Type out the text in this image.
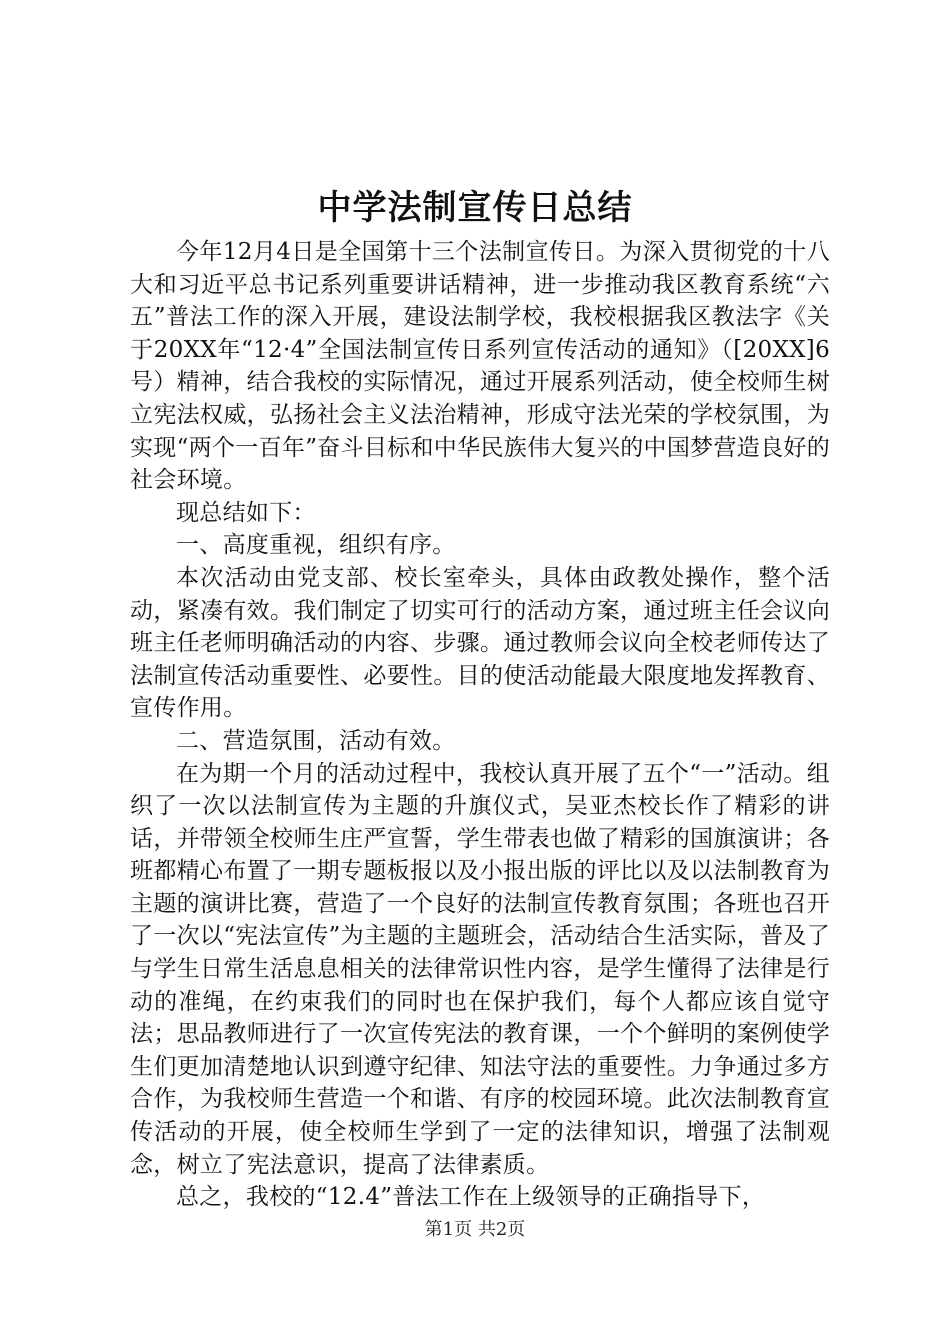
中学法制宣传日总结

今年12月4日是全国第十三个法制宣传日。为深入贯彻党的十八大和习近平总书记系列重要讲话精神，进一步推动我区教育系统“六五”普法工作的深入开展，建设法制学校，我校根据我区教法字《关于20XX年“12·4”全国法制宣传日系列宣传活动的通知》（[20XX]6号）精神，结合我校的实际情况，通过开展系列活动，使全校师生树立宪法权威，弘扬社会主义法治精神，形成守法光荣的学校氛围，为实现“两个一百年”奋斗目标和中华民族伟大复兴的中国梦营造良好的社会环境。

现总结如下：

一、高度重视，组织有序。

本次活动由党支部、校长室牵头，具体由政教处操作，整个活动，紧凑有效。我们制定了切实可行的活动方案，通过班主任会议向班主任老师明确活动的内容、步骤。通过教师会议向全校老师传达了法制宣传活动重要性、必要性。目的使活动能最大限度地发挥教育、宣传作用。

二、营造氛围，活动有效。

在为期一个月的活动过程中，我校认真开展了五个“一”活动。组织了一次以法制宣传为主题的升旗仪式，吴亚杰校长作了精彩的讲话，并带领全校师生庄严宣誓，学生带表也做了精彩的国旗演讲；各班都精心布置了一期专题板报以及小报出版的评比以及以法制教育为主题的演讲比赛，营造了一个良好的法制宣传教育氛围；各班也召开了一次以“宪法宣传”为主题的主题班会，活动结合生活实际，普及了与学生日常生活息息相关的法律常识性内容，是学生懂得了法律是行动的准绳，在约束我们的同时也在保护我们，每个人都应该自觉守法；思品教师进行了一次宣传宪法的教育课，一个个鲜明的案例使学生们更加清楚地认识到遵守纪律、知法守法的重要性。力争通过多方合作，为我校师生营造一个和谐、有序的校园环境。此次法制教育宣传活动的开展，使全校师生学到了一定的法律知识，增强了法制观念，树立了宪法意识，提高了法律素质。

总之，我校的“12.4”普法工作在上级领导的正确指导下，

第1页 共2页
